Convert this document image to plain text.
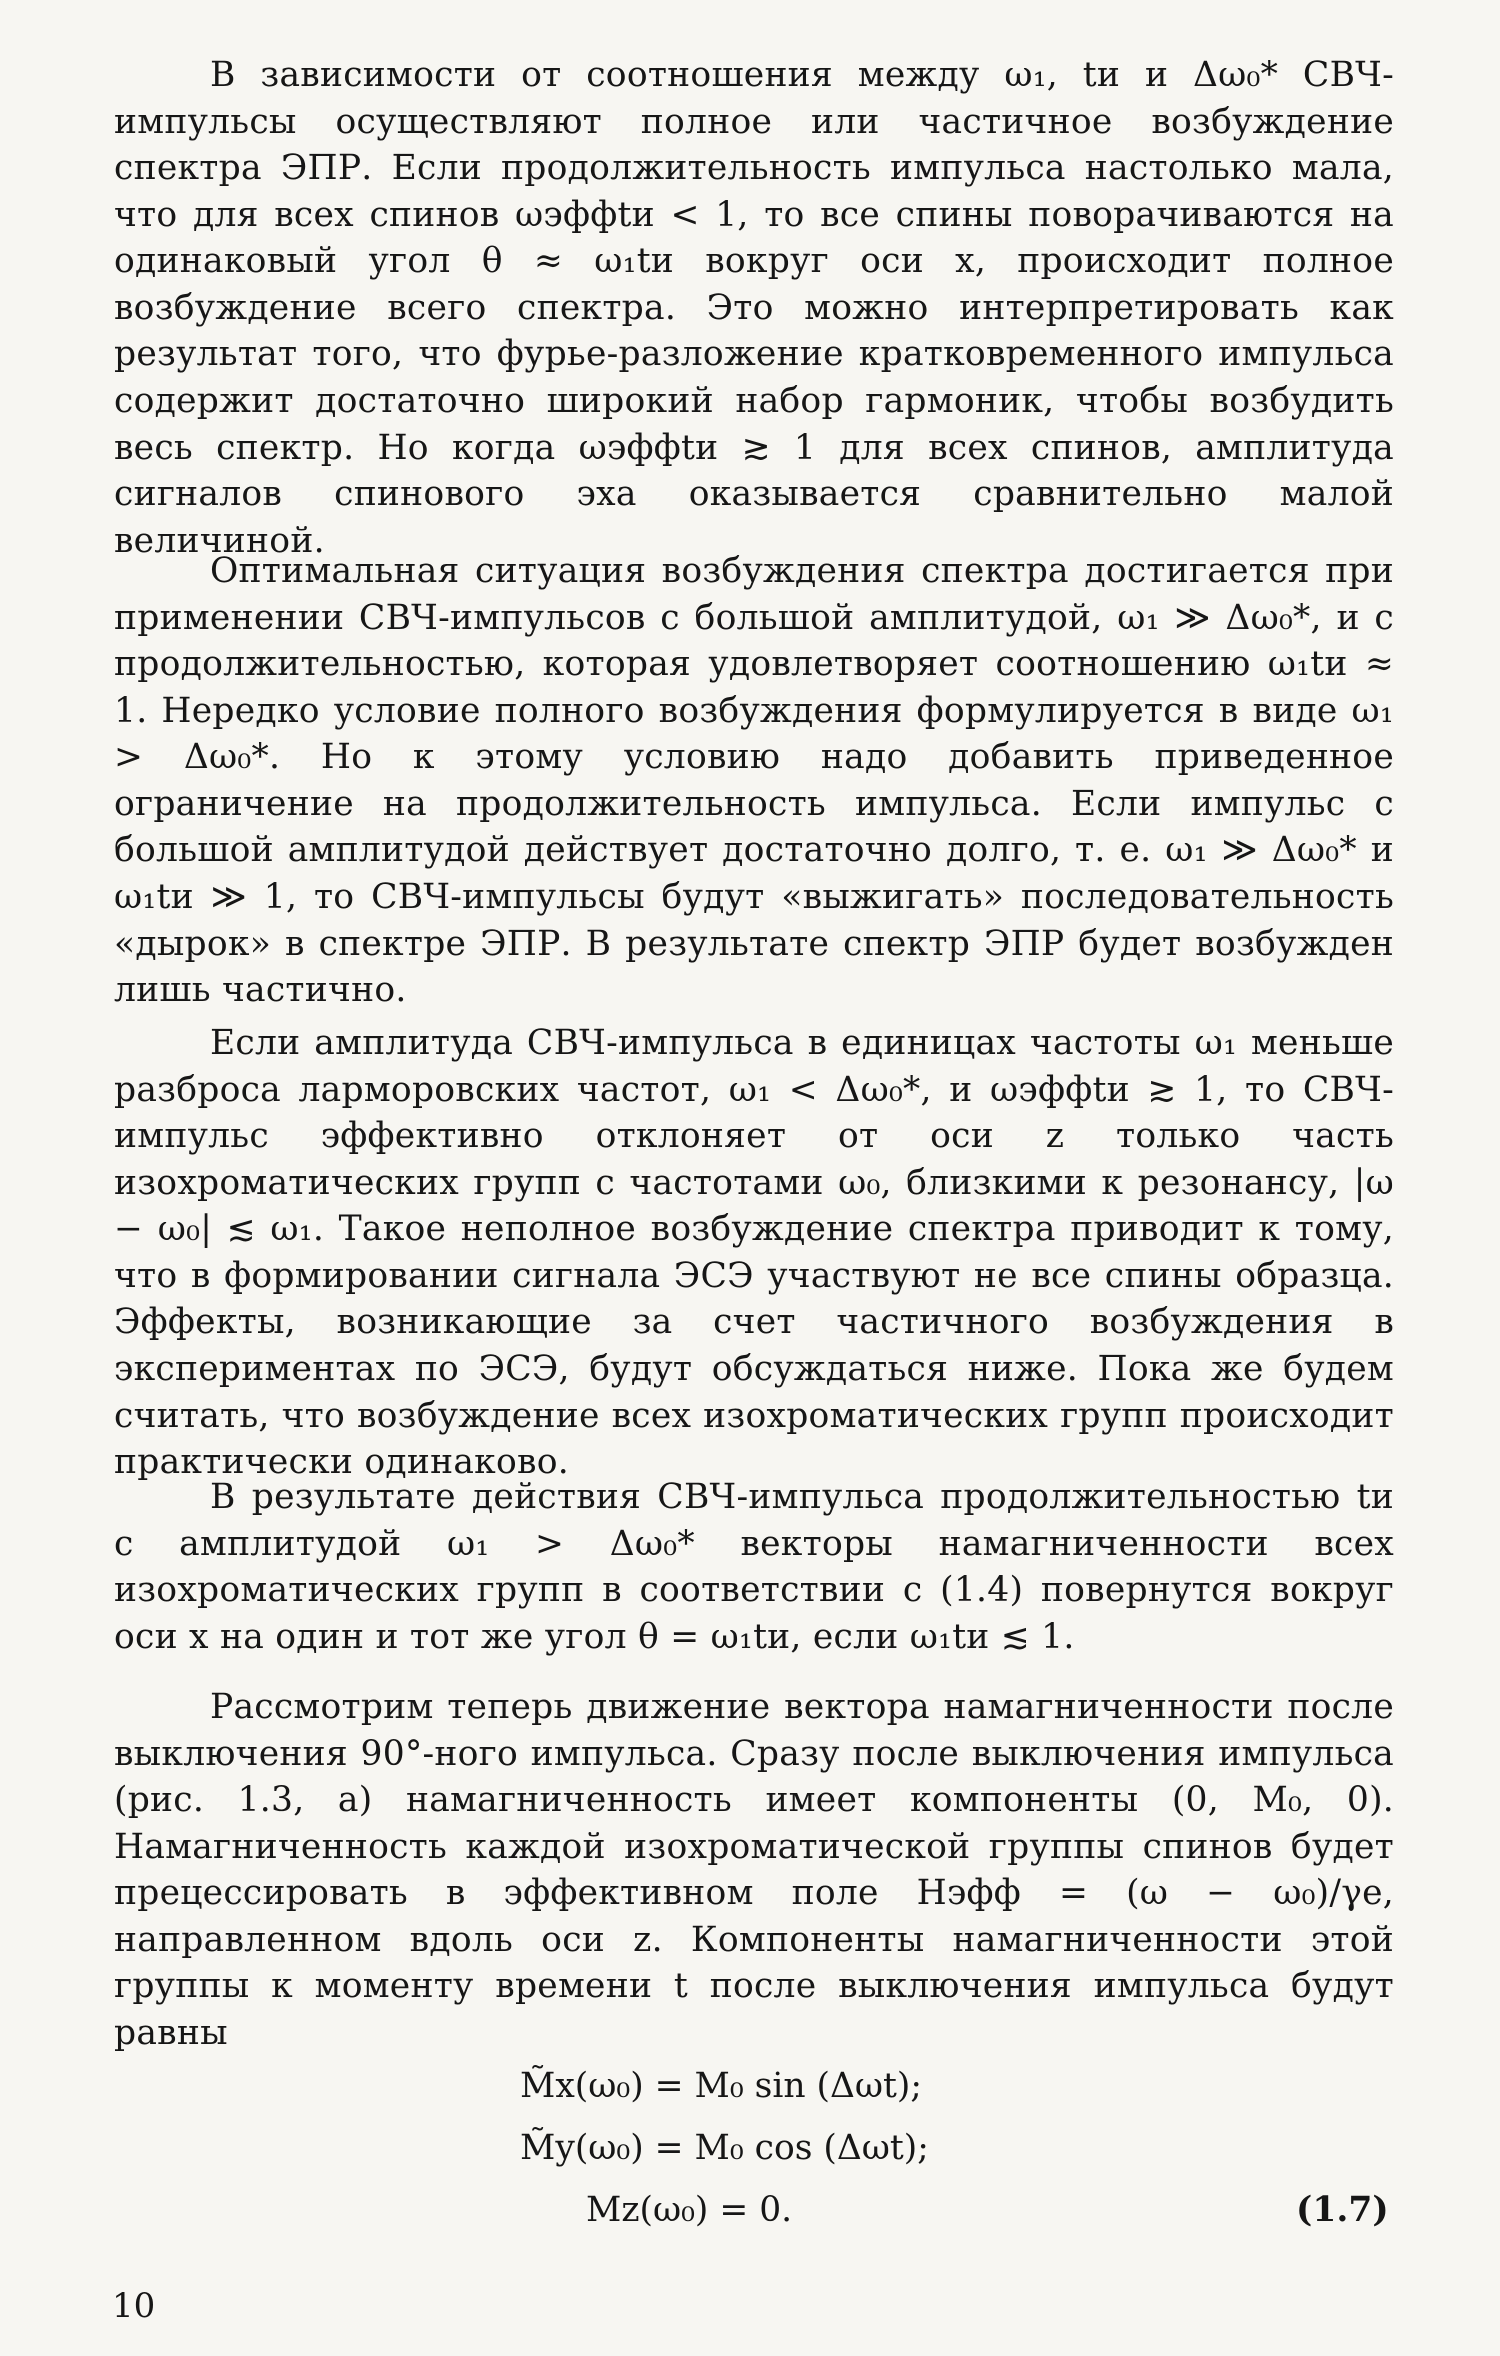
В зависимости от соотношения между ω₁, tи и Δω₀* СВЧ-импульсы осуществляют полное или частичное возбуждение спектра ЭПР. Если продолжительность импульса настолько мала, что для всех спинов ωэффtи < 1, то все спины поворачиваются на одинаковый угол θ ≈ ω₁tи вокруг оси x, происходит полное возбуждение всего спектра. Это можно интерпретировать как результат того, что фурье-разложение кратковременного импульса содержит достаточно широкий набор гармоник, чтобы возбудить весь спектр. Но когда ωэффtи ≳ 1 для всех спинов, амплитуда сигналов спинового эха оказывается сравнительно малой величиной.

Оптимальная ситуация возбуждения спектра достигается при применении СВЧ-импульсов с большой амплитудой, ω₁ ≫ Δω₀*, и с продолжительностью, которая удовлетворяет соотношению ω₁tи ≈ 1. Нередко условие полного возбуждения формулируется в виде ω₁ > Δω₀*. Но к этому условию надо добавить приведенное ограничение на продолжительность импульса. Если импульс с большой амплитудой действует достаточно долго, т. е. ω₁ ≫ Δω₀* и ω₁tи ≫ 1, то СВЧ-импульсы будут «выжигать» последовательность «дырок» в спектре ЭПР. В результате спектр ЭПР будет возбужден лишь частично.

Если амплитуда СВЧ-импульса в единицах частоты ω₁ меньше разброса ларморовских частот, ω₁ < Δω₀*, и ωэффtи ≳ 1, то СВЧ-импульс эффективно отклоняет от оси z только часть изохроматических групп с частотами ω₀, близкими к резонансу, |ω − ω₀| ≲ ω₁. Такое неполное возбуждение спектра приводит к тому, что в формировании сигнала ЭСЭ участвуют не все спины образца. Эффекты, возникающие за счет частичного возбуждения в экспериментах по ЭСЭ, будут обсуждаться ниже. Пока же будем считать, что возбуждение всех изохроматических групп происходит практически одинаково.

В результате действия СВЧ-импульса продолжительностью tи с амплитудой ω₁ > Δω₀* векторы намагниченности всех изохроматических групп в соответствии с (1.4) повернутся вокруг оси x на один и тот же угол θ = ω₁tи, если ω₁tи ≲ 1.

Рассмотрим теперь движение вектора намагниченности после выключения 90°-ного импульса. Сразу после выключения импульса (рис. 1.3, а) намагниченность имеет компоненты (0, M₀, 0). Намагниченность каждой изохроматической группы спинов будет прецессировать в эффективном поле Hэфф = (ω − ω₀)/γe, направленном вдоль оси z. Компоненты намагниченности этой группы к моменту времени t после выключения импульса будут равны

M̃x(ω₀) = M₀ sin (Δωt);
M̃y(ω₀) = M₀ cos (Δωt);
Mz(ω₀) = 0.	(1.7)
10
